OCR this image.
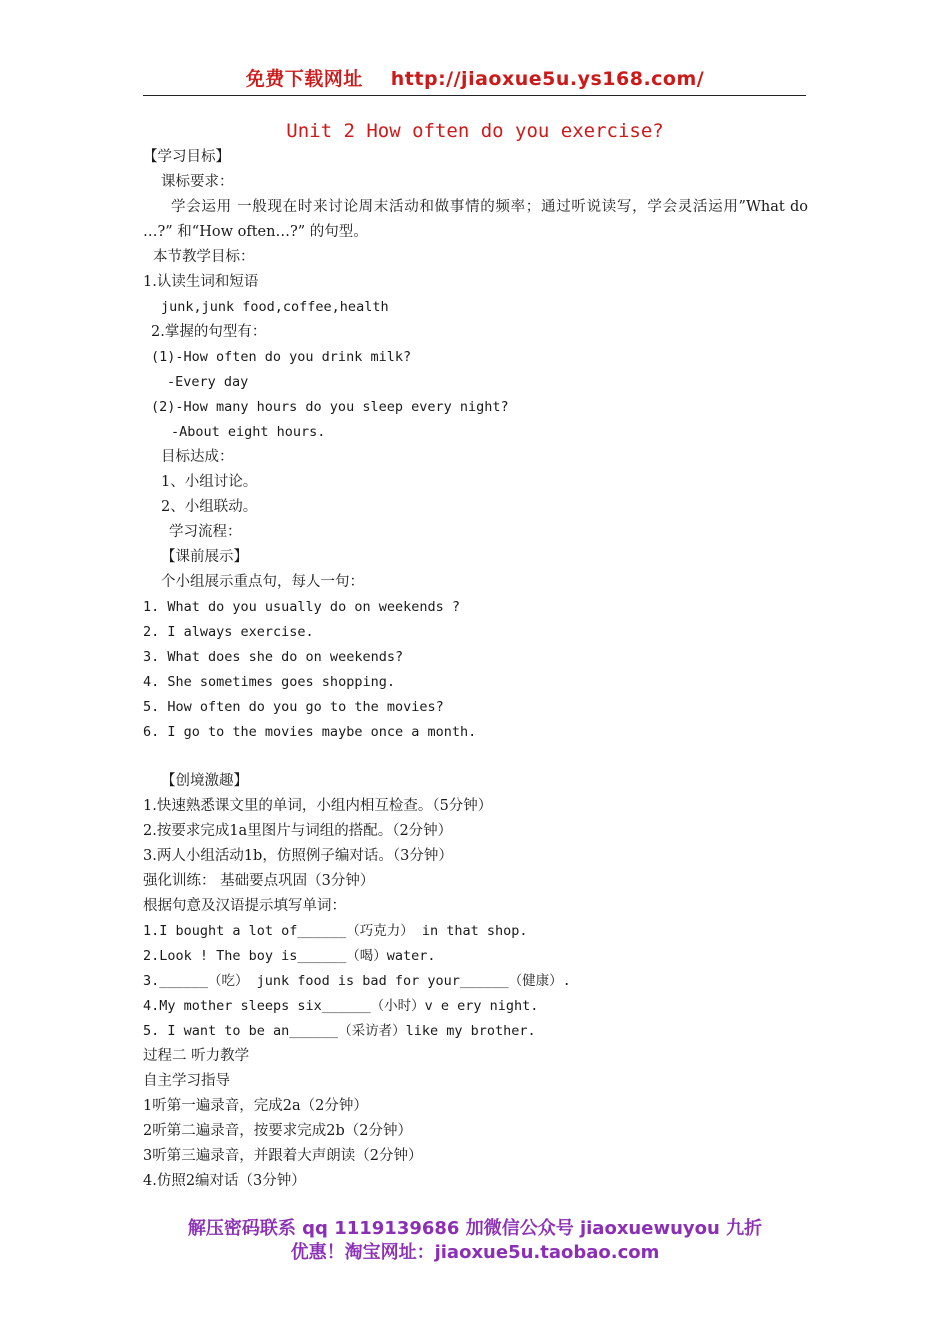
免费下载网址 http://jiaoxue5u.ys168.com/
Unit 2 How often do you exercise?
【学习目标】
课标要求：
学会运用 一般现在时来讨论周末活动和做事情的频率；通过听说读写，学会灵活运用”What do …?” 和“How often…?” 的句型。
本节教学目标：
1.认读生词和短语
junk,junk food,coffee,health
2.掌握的句型有：
(1)-How often do you drink milk?
-Every day
(2)-How many hours do you sleep every night?
-About eight hours.
目标达成：
1、小组讨论。
2、小组联动。
学习流程：
【课前展示】
个小组展示重点句，每人一句：
1. What do you usually do on weekends ?
2. I always exercise.
3. What does she do on weekends?
4. She sometimes goes shopping.
5. How often do you go to the movies?
6. I go to the movies maybe once a month.
【创境激趣】
1.快速熟悉课文里的单词，小组内相互检查。（5分钟）
2.按要求完成1a里图片与词组的搭配。（2分钟）
3.两人小组活动1b，仿照例子编对话。（3分钟）
强化训练： 基础要点巩固（3分钟）
根据句意及汉语提示填写单词：
1.I bought a lot of______（巧克力） in that shop.
2.Look ! The boy is______（喝）water.
3.______（吃） junk food is bad for your______（健康）.
4.My mother sleeps six______（小时）v e ery night.
5. I want to be an______（采访者）like my brother.
过程二 听力教学
自主学习指导
1听第一遍录音，完成2a（2分钟）
2听第二遍录音，按要求完成2b（2分钟）
3听第三遍录音，并跟着大声朗读（2分钟）
4.仿照2编对话（3分钟）
解压密码联系 qq 1119139686 加微信公众号 jiaoxuewuyou 九折
优惠！淘宝网址：jiaoxue5u.taobao.com
